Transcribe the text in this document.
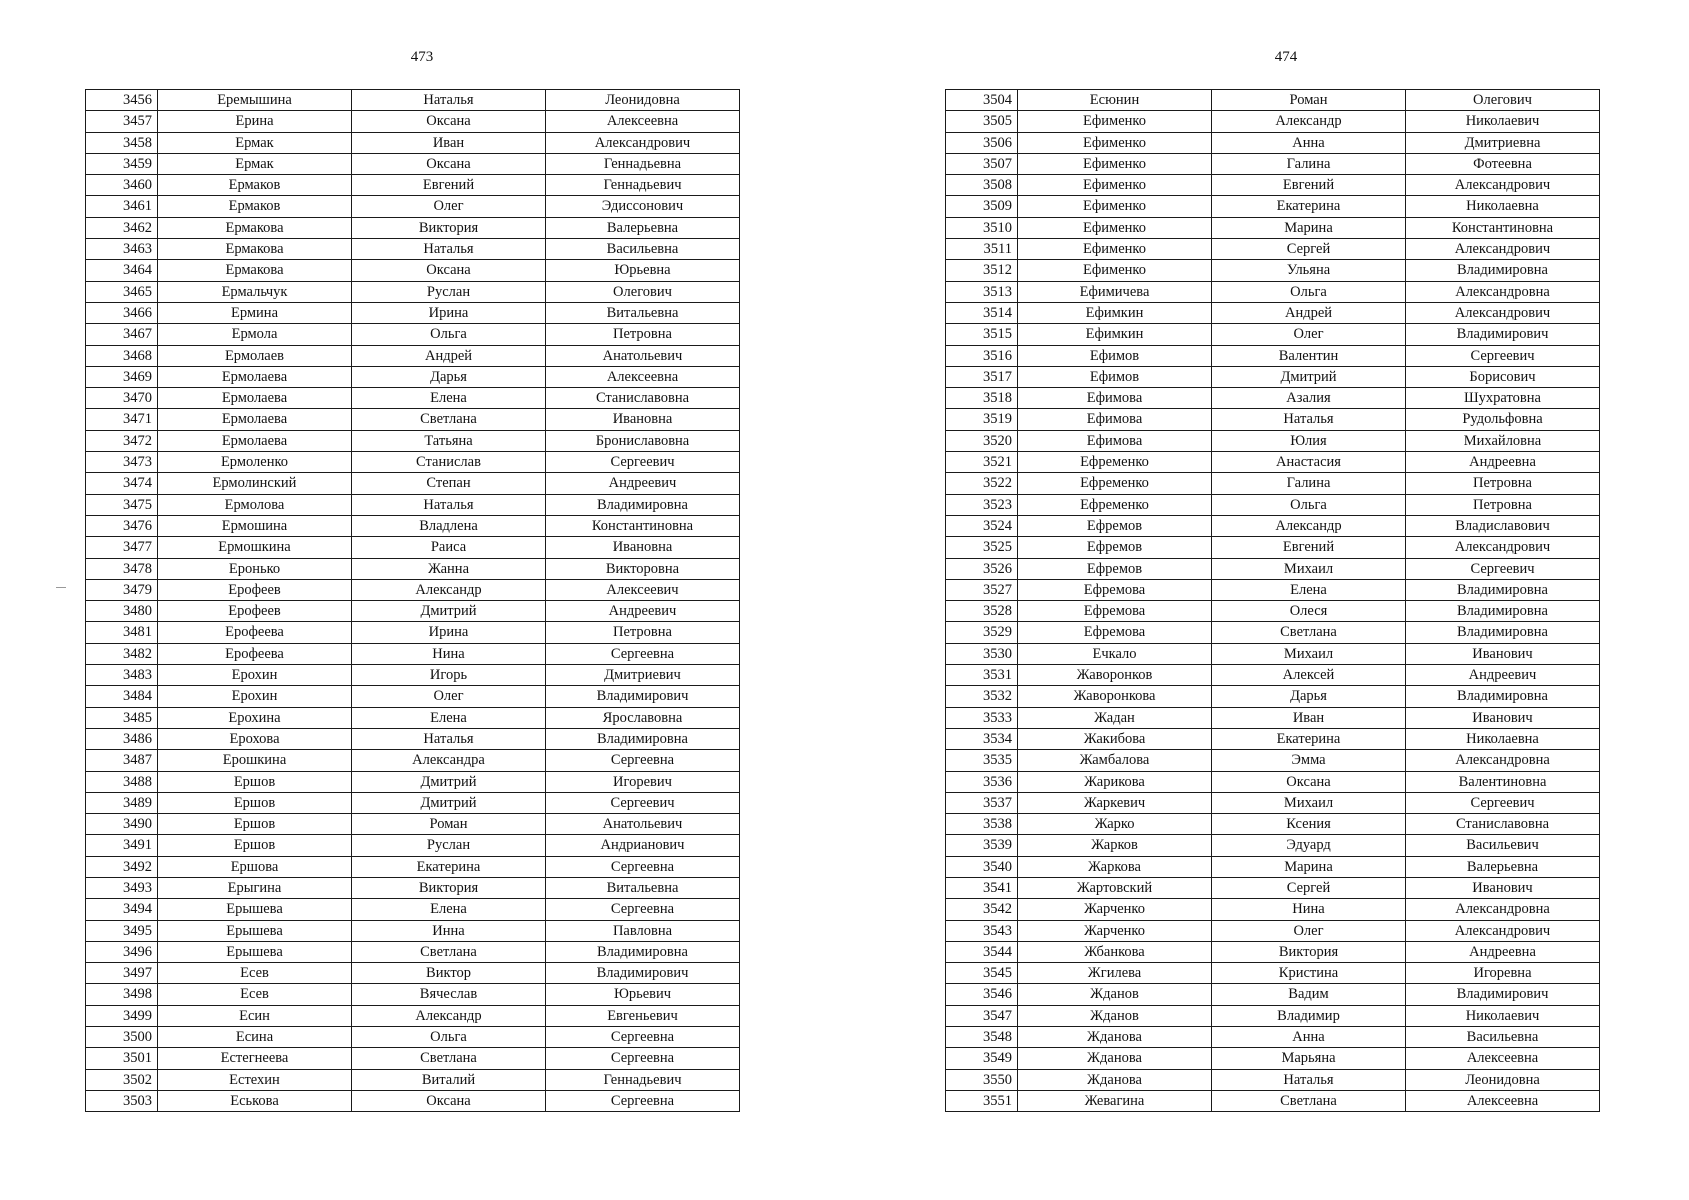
473
3456	Еремышина	Наталья	Леонидовна
3457	Ерина	Оксана	Алексеевна
3458	Ермак	Иван	Александрович
3459	Ермак	Оксана	Геннадьевна
3460	Ермаков	Евгений	Геннадьевич
3461	Ермаков	Олег	Эдиссонович
3462	Ермакова	Виктория	Валерьевна
3463	Ермакова	Наталья	Васильевна
3464	Ермакова	Оксана	Юрьевна
3465	Ермальчук	Руслан	Олегович
3466	Ермина	Ирина	Витальевна
3467	Ермола	Ольга	Петровна
3468	Ермолаев	Андрей	Анатольевич
3469	Ермолаева	Дарья	Алексеевна
3470	Ермолаева	Елена	Станиславовна
3471	Ермолаева	Светлана	Ивановна
3472	Ермолаева	Татьяна	Брониславовна
3473	Ермоленко	Станислав	Сергеевич
3474	Ермолинский	Степан	Андреевич
3475	Ермолова	Наталья	Владимировна
3476	Ермошина	Владлена	Константиновна
3477	Ермошкина	Раиса	Ивановна
3478	Еронько	Жанна	Викторовна
3479	Ерофеев	Александр	Алексеевич
3480	Ерофеев	Дмитрий	Андреевич
3481	Ерофеева	Ирина	Петровна
3482	Ерофеева	Нина	Сергеевна
3483	Ерохин	Игорь	Дмитриевич
3484	Ерохин	Олег	Владимирович
3485	Ерохина	Елена	Ярославовна
3486	Ерохова	Наталья	Владимировна
3487	Ерошкина	Александра	Сергеевна
3488	Ершов	Дмитрий	Игоревич
3489	Ершов	Дмитрий	Сергеевич
3490	Ершов	Роман	Анатольевич
3491	Ершов	Руслан	Андрианович
3492	Ершова	Екатерина	Сергеевна
3493	Ерыгина	Виктория	Витальевна
3494	Ерышева	Елена	Сергеевна
3495	Ерышева	Инна	Павловна
3496	Ерышева	Светлана	Владимировна
3497	Есев	Виктор	Владимирович
3498	Есев	Вячеслав	Юрьевич
3499	Есин	Александр	Евгеньевич
3500	Есина	Ольга	Сергеевна
3501	Естегнеева	Светлана	Сергеевна
3502	Естехин	Виталий	Геннадьевич
3503	Еськова	Оксана	Сергеевна
474
3504	Есюнин	Роман	Олегович
3505	Ефименко	Александр	Николаевич
3506	Ефименко	Анна	Дмитриевна
3507	Ефименко	Галина	Фотеевна
3508	Ефименко	Евгений	Александрович
3509	Ефименко	Екатерина	Николаевна
3510	Ефименко	Марина	Константиновна
3511	Ефименко	Сергей	Александрович
3512	Ефименко	Ульяна	Владимировна
3513	Ефимичева	Ольга	Александровна
3514	Ефимкин	Андрей	Александрович
3515	Ефимкин	Олег	Владимирович
3516	Ефимов	Валентин	Сергеевич
3517	Ефимов	Дмитрий	Борисович
3518	Ефимова	Азалия	Шухратовна
3519	Ефимова	Наталья	Рудольфовна
3520	Ефимова	Юлия	Михайловна
3521	Ефременко	Анастасия	Андреевна
3522	Ефременко	Галина	Петровна
3523	Ефременко	Ольга	Петровна
3524	Ефремов	Александр	Владиславович
3525	Ефремов	Евгений	Александрович
3526	Ефремов	Михаил	Сергеевич
3527	Ефремова	Елена	Владимировна
3528	Ефремова	Олеся	Владимировна
3529	Ефремова	Светлана	Владимировна
3530	Ечкало	Михаил	Иванович
3531	Жаворонков	Алексей	Андреевич
3532	Жаворонкова	Дарья	Владимировна
3533	Жадан	Иван	Иванович
3534	Жакибова	Екатерина	Николаевна
3535	Жамбалова	Эмма	Александровна
3536	Жарикова	Оксана	Валентиновна
3537	Жаркевич	Михаил	Сергеевич
3538	Жарко	Ксения	Станиславовна
3539	Жарков	Эдуард	Васильевич
3540	Жаркова	Марина	Валерьевна
3541	Жартовский	Сергей	Иванович
3542	Жарченко	Нина	Александровна
3543	Жарченко	Олег	Александрович
3544	Жбанкова	Виктория	Андреевна
3545	Жгилева	Кристина	Игоревна
3546	Жданов	Вадим	Владимирович
3547	Жданов	Владимир	Николаевич
3548	Жданова	Анна	Васильевна
3549	Жданова	Марьяна	Алексеевна
3550	Жданова	Наталья	Леонидовна
3551	Жевагина	Светлана	Алексеевна
